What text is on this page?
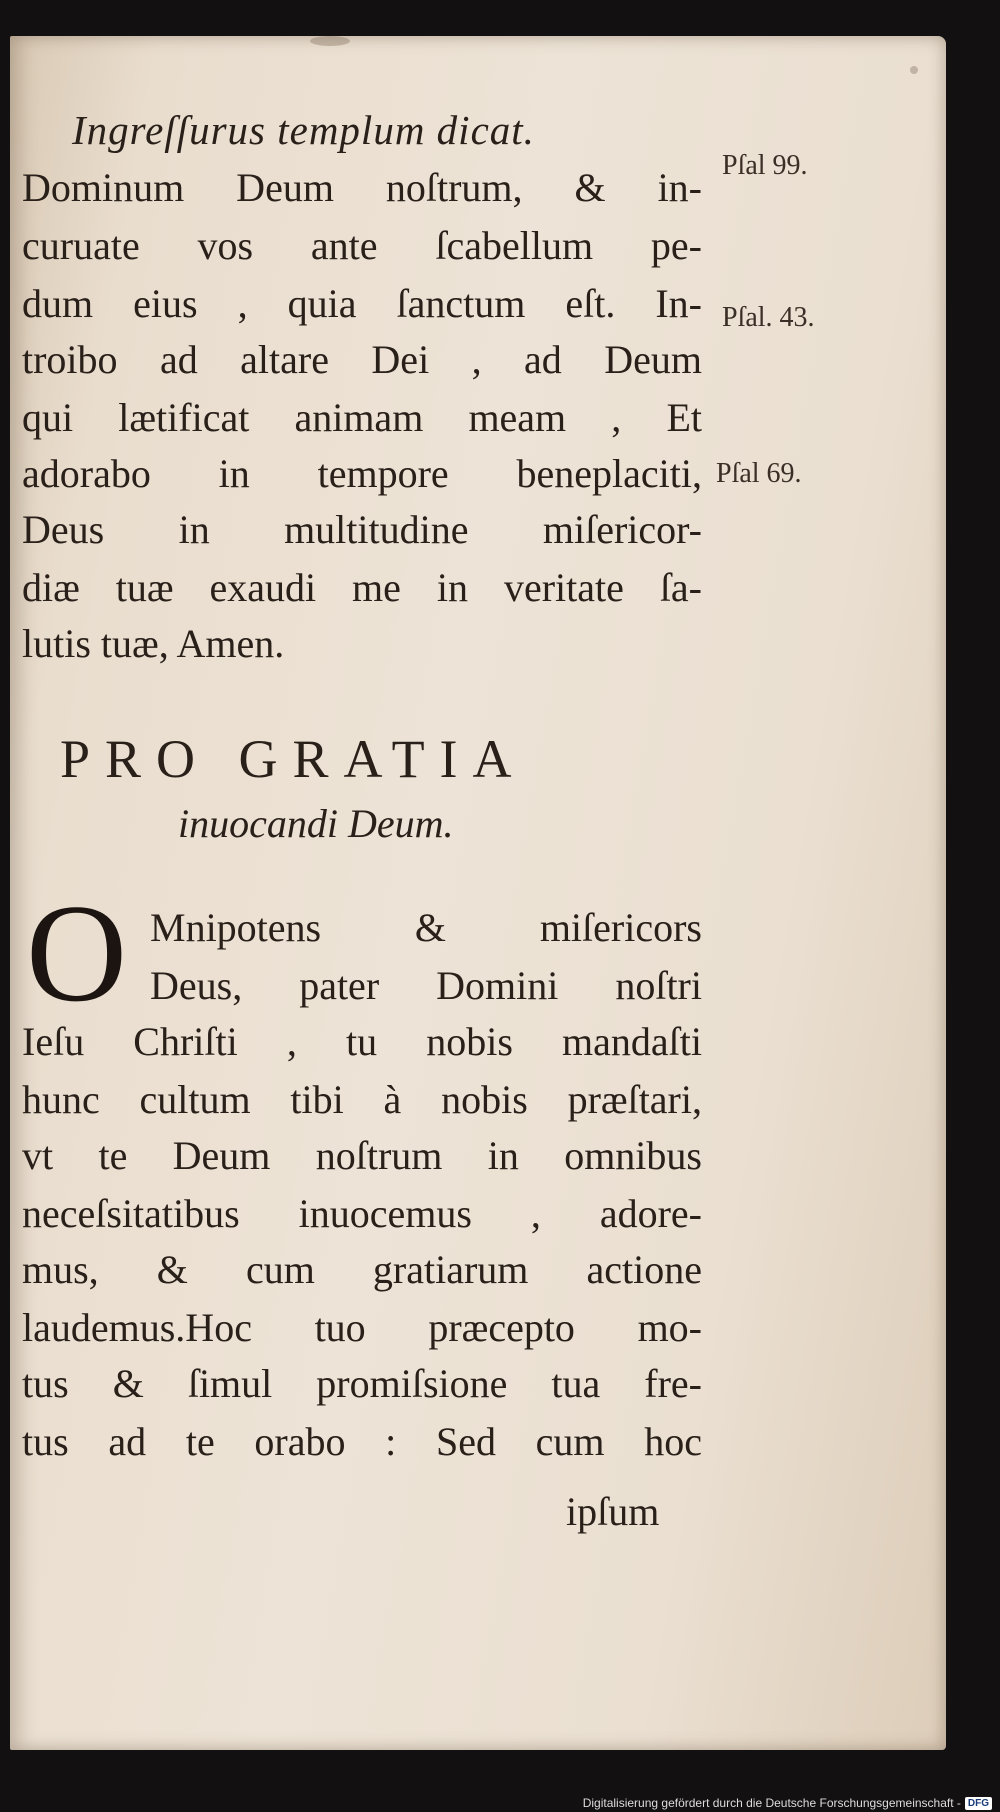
Ingreſſurus templum dicat.
Pſal 99.
Pſal. 43.
Pſal 69.
Dominum Deum noſtrum, & in-
curuate vos ante ſcabellum pe-
dum eius , quia ſanctum eſt. In-
troibo ad altare Dei , ad Deum
qui lætificat animam meam , Et
adorabo in tempore beneplaciti,
Deus in multitudine miſericor-
diæ tuæ exaudi me in veritate ſa-
lutis tuæ, Amen.
PRO GRATIA
inuocandi Deum.
O Mnipotens & miſericors
Deus, pater Domini noſtri
Ieſu Chriſti , tu nobis mandaſti
hunc cultum tibi à nobis præſtari,
vt te Deum noſtrum in omnibus
neceſsitatibus inuocemus , adore-
mus, & cum gratiarum actione
laudemus.Hoc tuo præcepto mo-
tus & ſimul promiſsione tua fre-
tus ad te orabo : Sed cum hoc
ipſum
Digitalisierung gefördert durch die Deutsche Forschungsgemeinschaft - DFG
